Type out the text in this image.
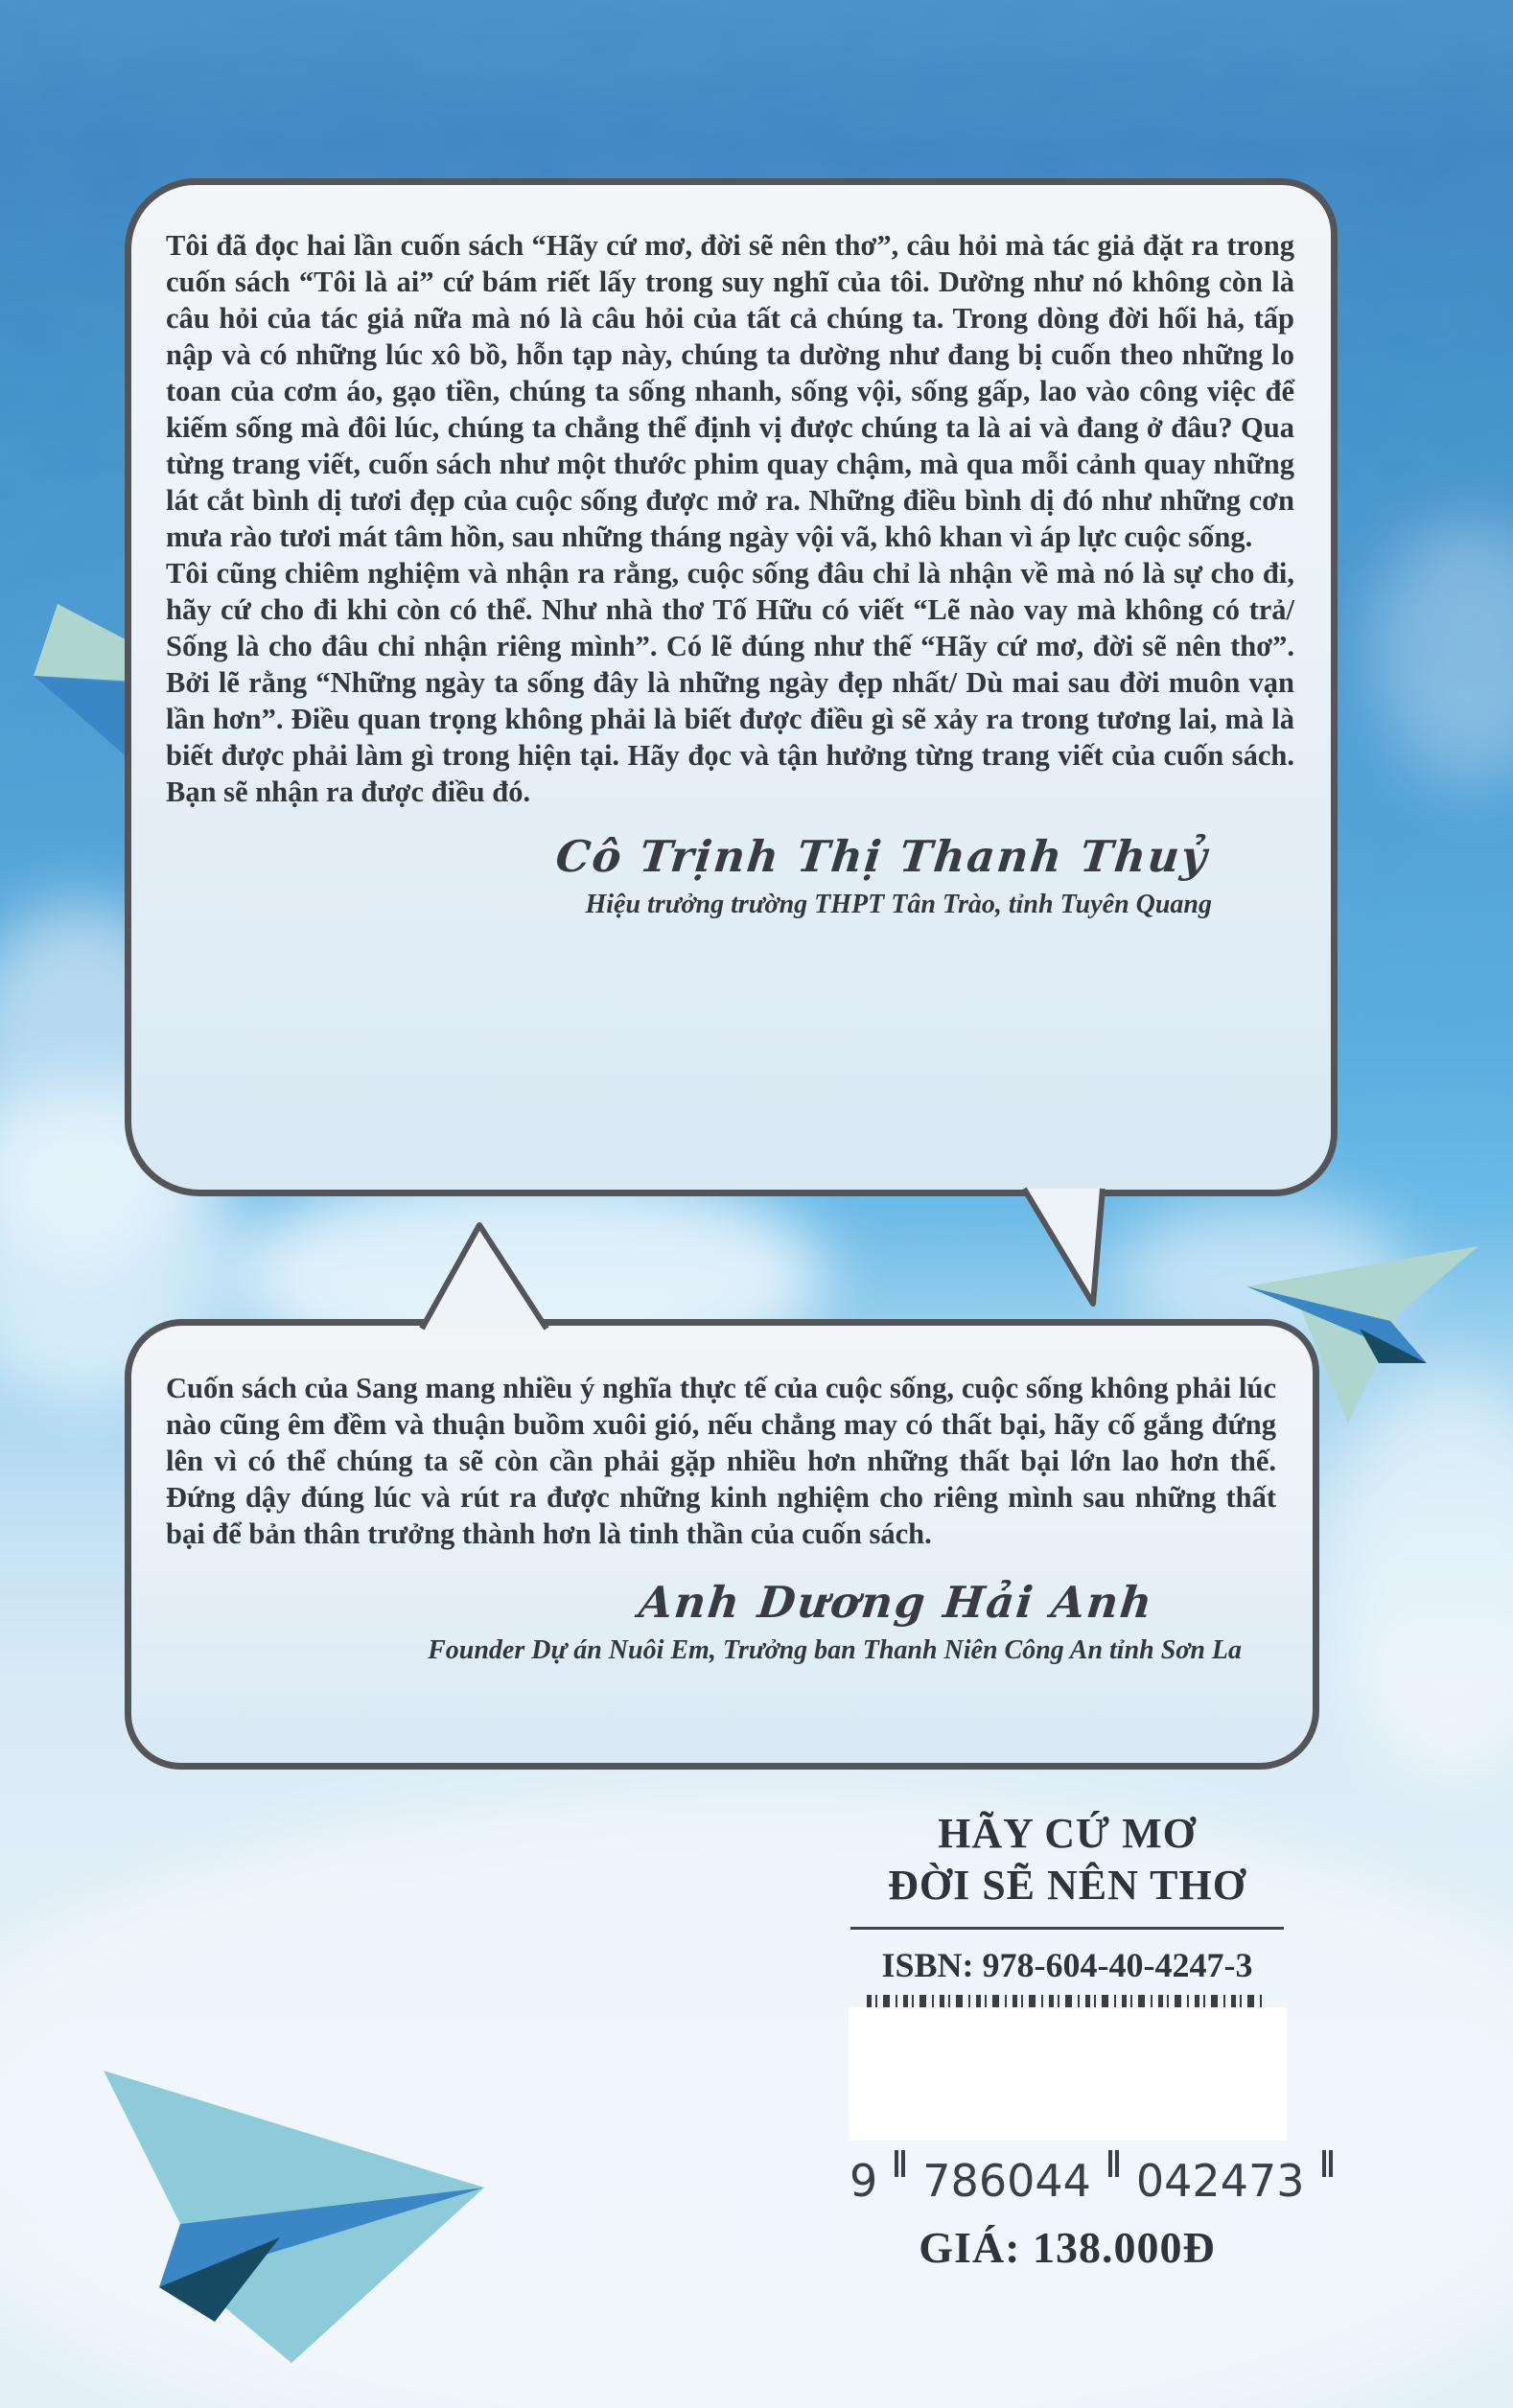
Tôi đã đọc hai lần cuốn sách “Hãy cứ mơ, đời sẽ nên thơ”, câu hỏi mà tác giả đặt ra trong cuốn sách “Tôi là ai” cứ bám riết lấy trong suy nghĩ của tôi. Dường như nó không còn là câu hỏi của tác giả nữa mà nó là câu hỏi của tất cả chúng ta. Trong dòng đời hối hả, tấp nập và có những lúc xô bồ, hỗn tạp này, chúng ta dường như đang bị cuốn theo những lo toan của cơm áo, gạo tiền, chúng ta sống nhanh, sống vội, sống gấp, lao vào công việc để kiếm sống mà đôi lúc, chúng ta chẳng thể định vị được chúng ta là ai và đang ở đâu? Qua từng trang viết, cuốn sách như một thước phim quay chậm, mà qua mỗi cảnh quay những lát cắt bình dị tươi đẹp của cuộc sống được mở ra. Những điều bình dị đó như những cơn mưa rào tươi mát tâm hồn, sau những tháng ngày vội vã, khô khan vì áp lực cuộc sống.

Tôi cũng chiêm nghiệm và nhận ra rằng, cuộc sống đâu chỉ là nhận về mà nó là sự cho đi, hãy cứ cho đi khi còn có thể. Như nhà thơ Tố Hữu có viết “Lẽ nào vay mà không có trả/ Sống là cho đâu chỉ nhận riêng mình”. Có lẽ đúng như thế “Hãy cứ mơ, đời sẽ nên thơ”. Bởi lẽ rằng “Những ngày ta sống đây là những ngày đẹp nhất/ Dù mai sau đời muôn vạn lần hơn”. Điều quan trọng không phải là biết được điều gì sẽ xảy ra trong tương lai, mà là biết được phải làm gì trong hiện tại. Hãy đọc và tận hưởng từng trang viết của cuốn sách. Bạn sẽ nhận ra được điều đó.

Cô Trịnh Thị Thanh Thuỷ

Hiệu trưởng trường THPT Tân Trào, tỉnh Tuyên Quang

Cuốn sách của Sang mang nhiều ý nghĩa thực tế của cuộc sống, cuộc sống không phải lúc nào cũng êm đềm và thuận buồm xuôi gió, nếu chẳng may có thất bại, hãy cố gắng đứng lên vì có thể chúng ta sẽ còn cần phải gặp nhiều hơn những thất bại lớn lao hơn thế. Đứng dậy đúng lúc và rút ra được những kinh nghiệm cho riêng mình sau những thất bại để bản thân trưởng thành hơn là tinh thần của cuốn sách.

Anh Dương Hải Anh

Founder Dự án Nuôi Em, Trưởng ban Thanh Niên Công An tỉnh Sơn La

HÃY CỨ MƠ

ĐỜI SẼ NÊN THƠ

ISBN: 978-604-40-4247-3

9 786044 042473

GIÁ: 138.000Đ
